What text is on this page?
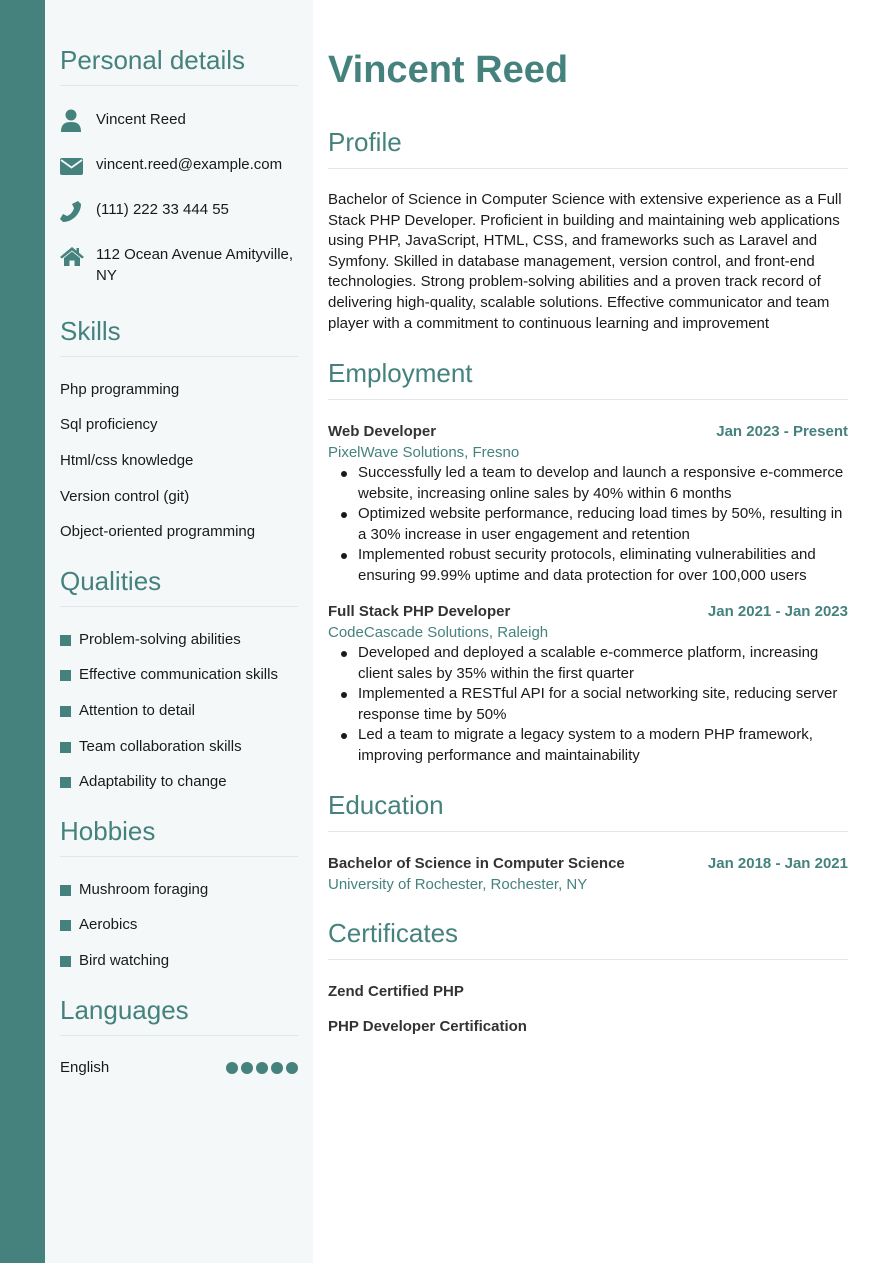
Personal details
Vincent Reed
vincent.reed@example.com
(111) 222 33 444 55
112 Ocean Avenue Amityville, NY
Skills
Php programming
Sql proficiency
Html/css knowledge
Version control (git)
Object-oriented programming
Qualities
Problem-solving abilities
Effective communication skills
Attention to detail
Team collaboration skills
Adaptability to change
Hobbies
Mushroom foraging
Aerobics
Bird watching
Languages
English
Vincent Reed
Profile

Bachelor of Science in Computer Science with extensive experience as a Full Stack PHP Developer. Proficient in building and maintaining web applications using PHP, JavaScript, HTML, CSS, and frameworks such as Laravel and Symfony. Skilled in database management, version control, and front-end technologies. Strong problem-solving abilities and a proven track record of delivering high-quality, scalable solutions. Effective communicator and team player with a commitment to continuous learning and improvement

Employment
Web Developer	Jan 2023 - Present
PixelWave Solutions, Fresno
Successfully led a team to develop and launch a responsive e-commerce website, increasing online sales by 40% within 6 months
Optimized website performance, reducing load times by 50%, resulting in a 30% increase in user engagement and retention
Implemented robust security protocols, eliminating vulnerabilities and ensuring 99.99% uptime and data protection for over 100,000 users
Full Stack PHP Developer	Jan 2021 - Jan 2023
CodeCascade Solutions, Raleigh
Developed and deployed a scalable e-commerce platform, increasing client sales by 35% within the first quarter
Implemented a RESTful API for a social networking site, reducing server response time by 50%
Led a team to migrate a legacy system to a modern PHP framework, improving performance and maintainability
Education
Bachelor of Science in Computer Science	Jan 2018 - Jan 2021
University of Rochester, Rochester, NY
Certificates
Zend Certified PHP
PHP Developer Certification
